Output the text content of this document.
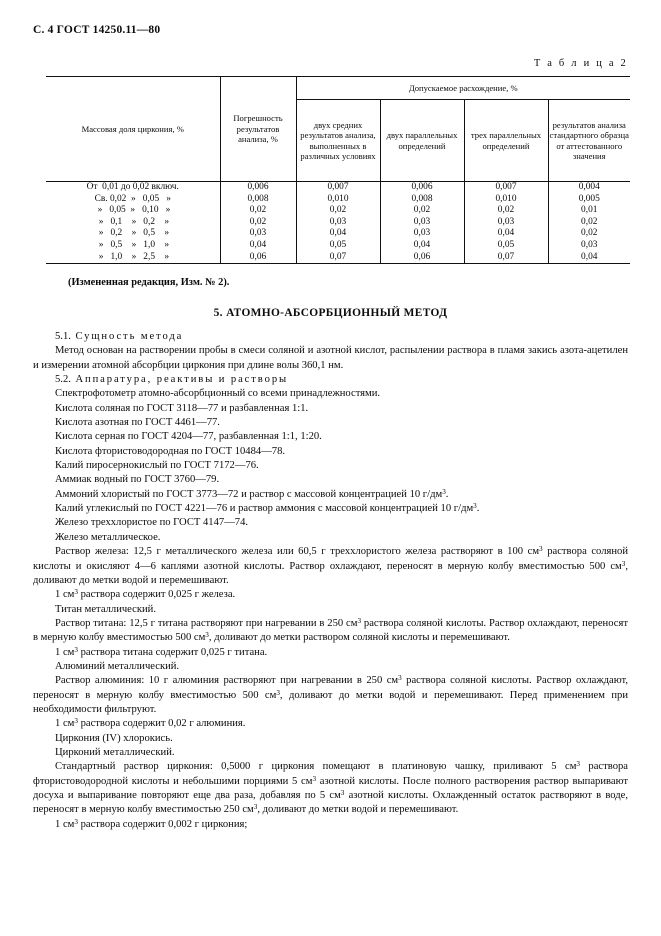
С. 4 ГОСТ 14250.11—80
Т а б л и ц а 2
Массовая доля циркония, %	Погрешность результатов анализа, %	Допускаемое расхождение, %			
		двух средних результатов анализа, выполненных в различных условиях	двух параллельных определений	трех параллельных определений	результатов анализа стандартного образца от аттестованного значения
От  0,01 до 0,02 включ.	0,006	0,007	0,006	0,007	0,004
Св. 0,02  »   0,05   »	0,008	0,010	0,008	0,010	0,005
»   0,05  »   0,10   »	0,02	0,02	0,02	0,02	0,01
»   0,1    »   0,2    »	0,02	0,03	0,03	0,03	0,02
»   0,2    »   0,5    »	0,03	0,04	0,03	0,04	0,02
»   0,5    »   1,0    »	0,04	0,05	0,04	0,05	0,03
»   1,0    »   2,5    »	0,06	0,07	0,06	0,07	0,04
(Измененная редакция, Изм. № 2).
5. АТОМНО-АБСОРБЦИОННЫЙ МЕТОД

5.1. Сущность метода

Метод основан на растворении пробы в смеси соляной и азотной кислот, распылении раствора в пламя закись азота-ацетилен и измерении атомной абсорбции циркония при длине волы 360,1 нм.

5.2. Аппаратура, реактивы и растворы

Спектрофотометр атомно-абсорбционный со всеми принадлежностями.

Кислота соляная по ГОСТ 3118—77 и разбавленная 1:1.

Кислота азотная по ГОСТ 4461—77.

Кислота серная по ГОСТ 4204—77, разбавленная 1:1, 1:20.

Кислота фтористоводородная по ГОСТ 10484—78.

Калий пиросернокислый по ГОСТ 7172—76.

Аммиак водный по ГОСТ 3760—79.

Аммоний хлористый по ГОСТ 3773—72 и раствор с массовой концентрацией 10 $г/дм^3$.

Калий углекислый по ГОСТ 4221—76 и раствор аммония с массовой концентрацией 10 $г/дм^3$.

Железо треххлористое по ГОСТ 4147—74.

Железо металлическое.

Раствор железа: 12,5 г металлического железа или 60,5 г треххлористого железа растворяют в 100 $см^3$ раствора соляной кислоты и окисляют 4—6 каплями азотной кислоты. Раствор охлаждают, переносят в мерную колбу вместимостью 500 $см^3$, доливают до метки водой и перемешивают.

1 $см^3$ раствора содержит 0,025 г железа.

Титан металлический.

Раствор титана: 12,5 г титана растворяют при нагревании в 250 $см^3$ раствора соляной кислоты. Раствор охлаждают, переносят в мерную колбу вместимостью 500 $см^3$, доливают до метки раствором соляной кислоты и перемешивают.

1 $см^3$ раствора титана содержит 0,025 г титана.

Алюминий металлический.

Раствор алюминия: 10 г алюминия растворяют при нагревании в 250 $см^3$ раствора соляной кислоты. Раствор охлаждают, переносят в мерную колбу вместимостью 500 $см^3$, доливают до метки водой и перемешивают. Перед применением при необходимости фильтруют.

1 $см^3$ раствора содержит 0,02 г алюминия.

Циркония (IV) хлорокись.

Цирконий металлический.

Стандартный раствор циркония: 0,5000 г циркония помещают в платиновую чашку, приливают 5 $см^3$ раствора фтористоводородной кислоты и небольшими порциями 5 $см^3$ азотной кислоты. После полного растворения раствор выпаривают досуха и выпаривание повторяют еще два раза, добавляя по 5 $см^3$ азотной кислоты. Охлажденный остаток растворяют в воде, переносят в мерную колбу вместимостью 250 $см^3$, доливают до метки водой и перемешивают.

1 $см^3$ раствора содержит 0,002 г циркония;
